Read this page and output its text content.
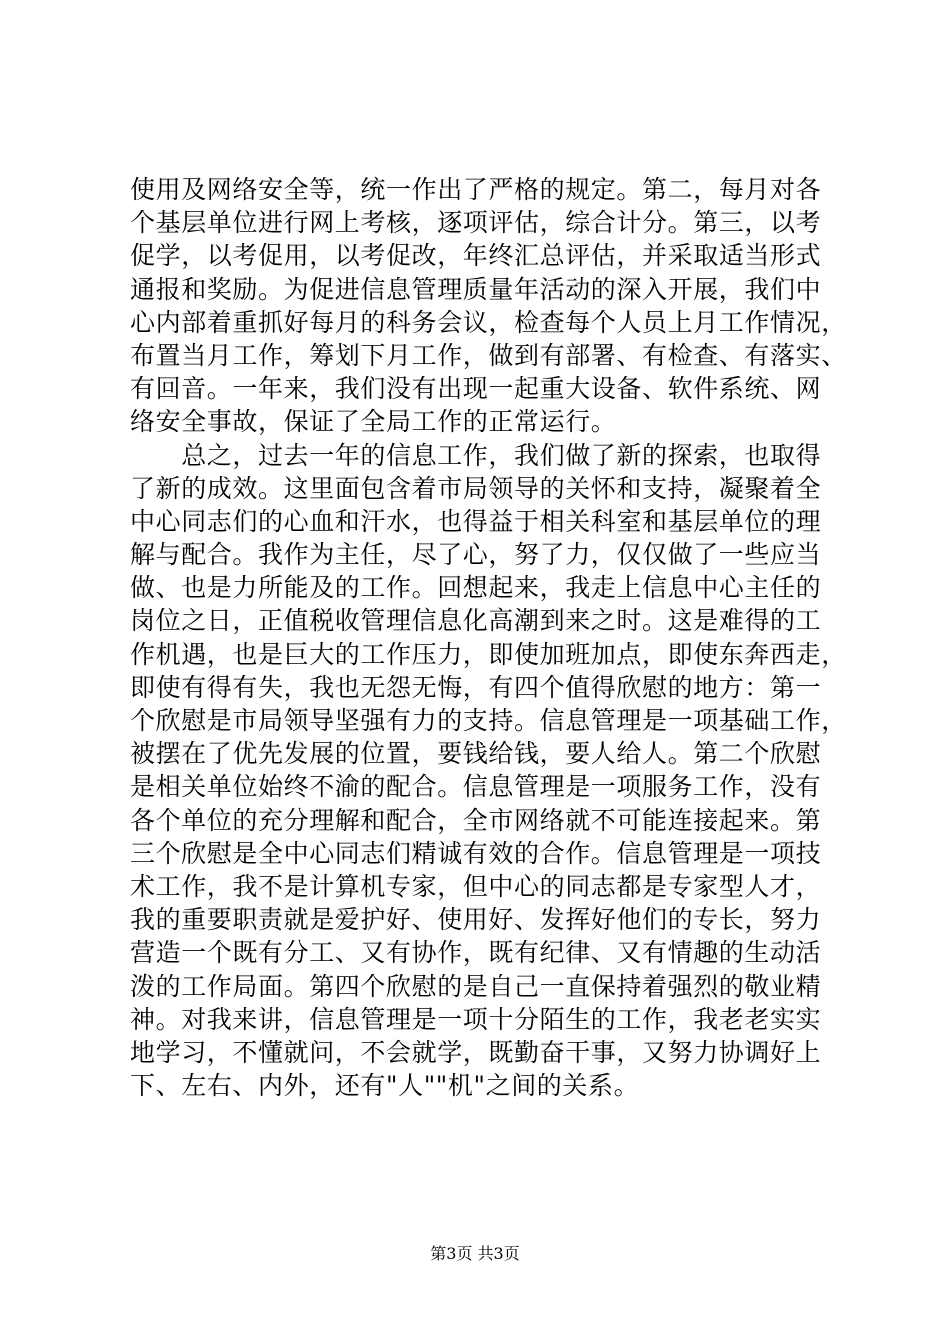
使用及网络安全等，统一作出了严格的规定。第二，每月对各
个基层单位进行网上考核，逐项评估，综合计分。第三，以考
促学，以考促用，以考促改，年终汇总评估，并采取适当形式
通报和奖励。为促进信息管理质量年活动的深入开展，我们中
心内部着重抓好每月的科务会议，检查每个人员上月工作情况，
布置当月工作，筹划下月工作，做到有部署、有检查、有落实、
有回音。一年来，我们没有出现一起重大设备、软件系统、网
络安全事故，保证了全局工作的正常运行。
　　总之，过去一年的信息工作，我们做了新的探索，也取得
了新的成效。这里面包含着市局领导的关怀和支持，凝聚着全
中心同志们的心血和汗水，也得益于相关科室和基层单位的理
解与配合。我作为主任，尽了心，努了力，仅仅做了一些应当
做、也是力所能及的工作。回想起来，我走上信息中心主任的
岗位之日，正值税收管理信息化高潮到来之时。这是难得的工
作机遇，也是巨大的工作压力，即使加班加点，即使东奔西走，
即使有得有失，我也无怨无悔，有四个值得欣慰的地方：第一
个欣慰是市局领导坚强有力的支持。信息管理是一项基础工作，
被摆在了优先发展的位置，要钱给钱，要人给人。第二个欣慰
是相关单位始终不渝的配合。信息管理是一项服务工作，没有
各个单位的充分理解和配合，全市网络就不可能连接起来。第
三个欣慰是全中心同志们精诚有效的合作。信息管理是一项技
术工作，我不是计算机专家，但中心的同志都是专家型人才，
我的重要职责就是爱护好、使用好、发挥好他们的专长，努力
营造一个既有分工、又有协作，既有纪律、又有情趣的生动活
泼的工作局面。第四个欣慰的是自己一直保持着强烈的敬业精
神。对我来讲，信息管理是一项十分陌生的工作，我老老实实
地学习，不懂就问，不会就学，既勤奋干事，又努力协调好上
下、左右、内外，还有"人""机"之间的关系。
第3页 共3页
